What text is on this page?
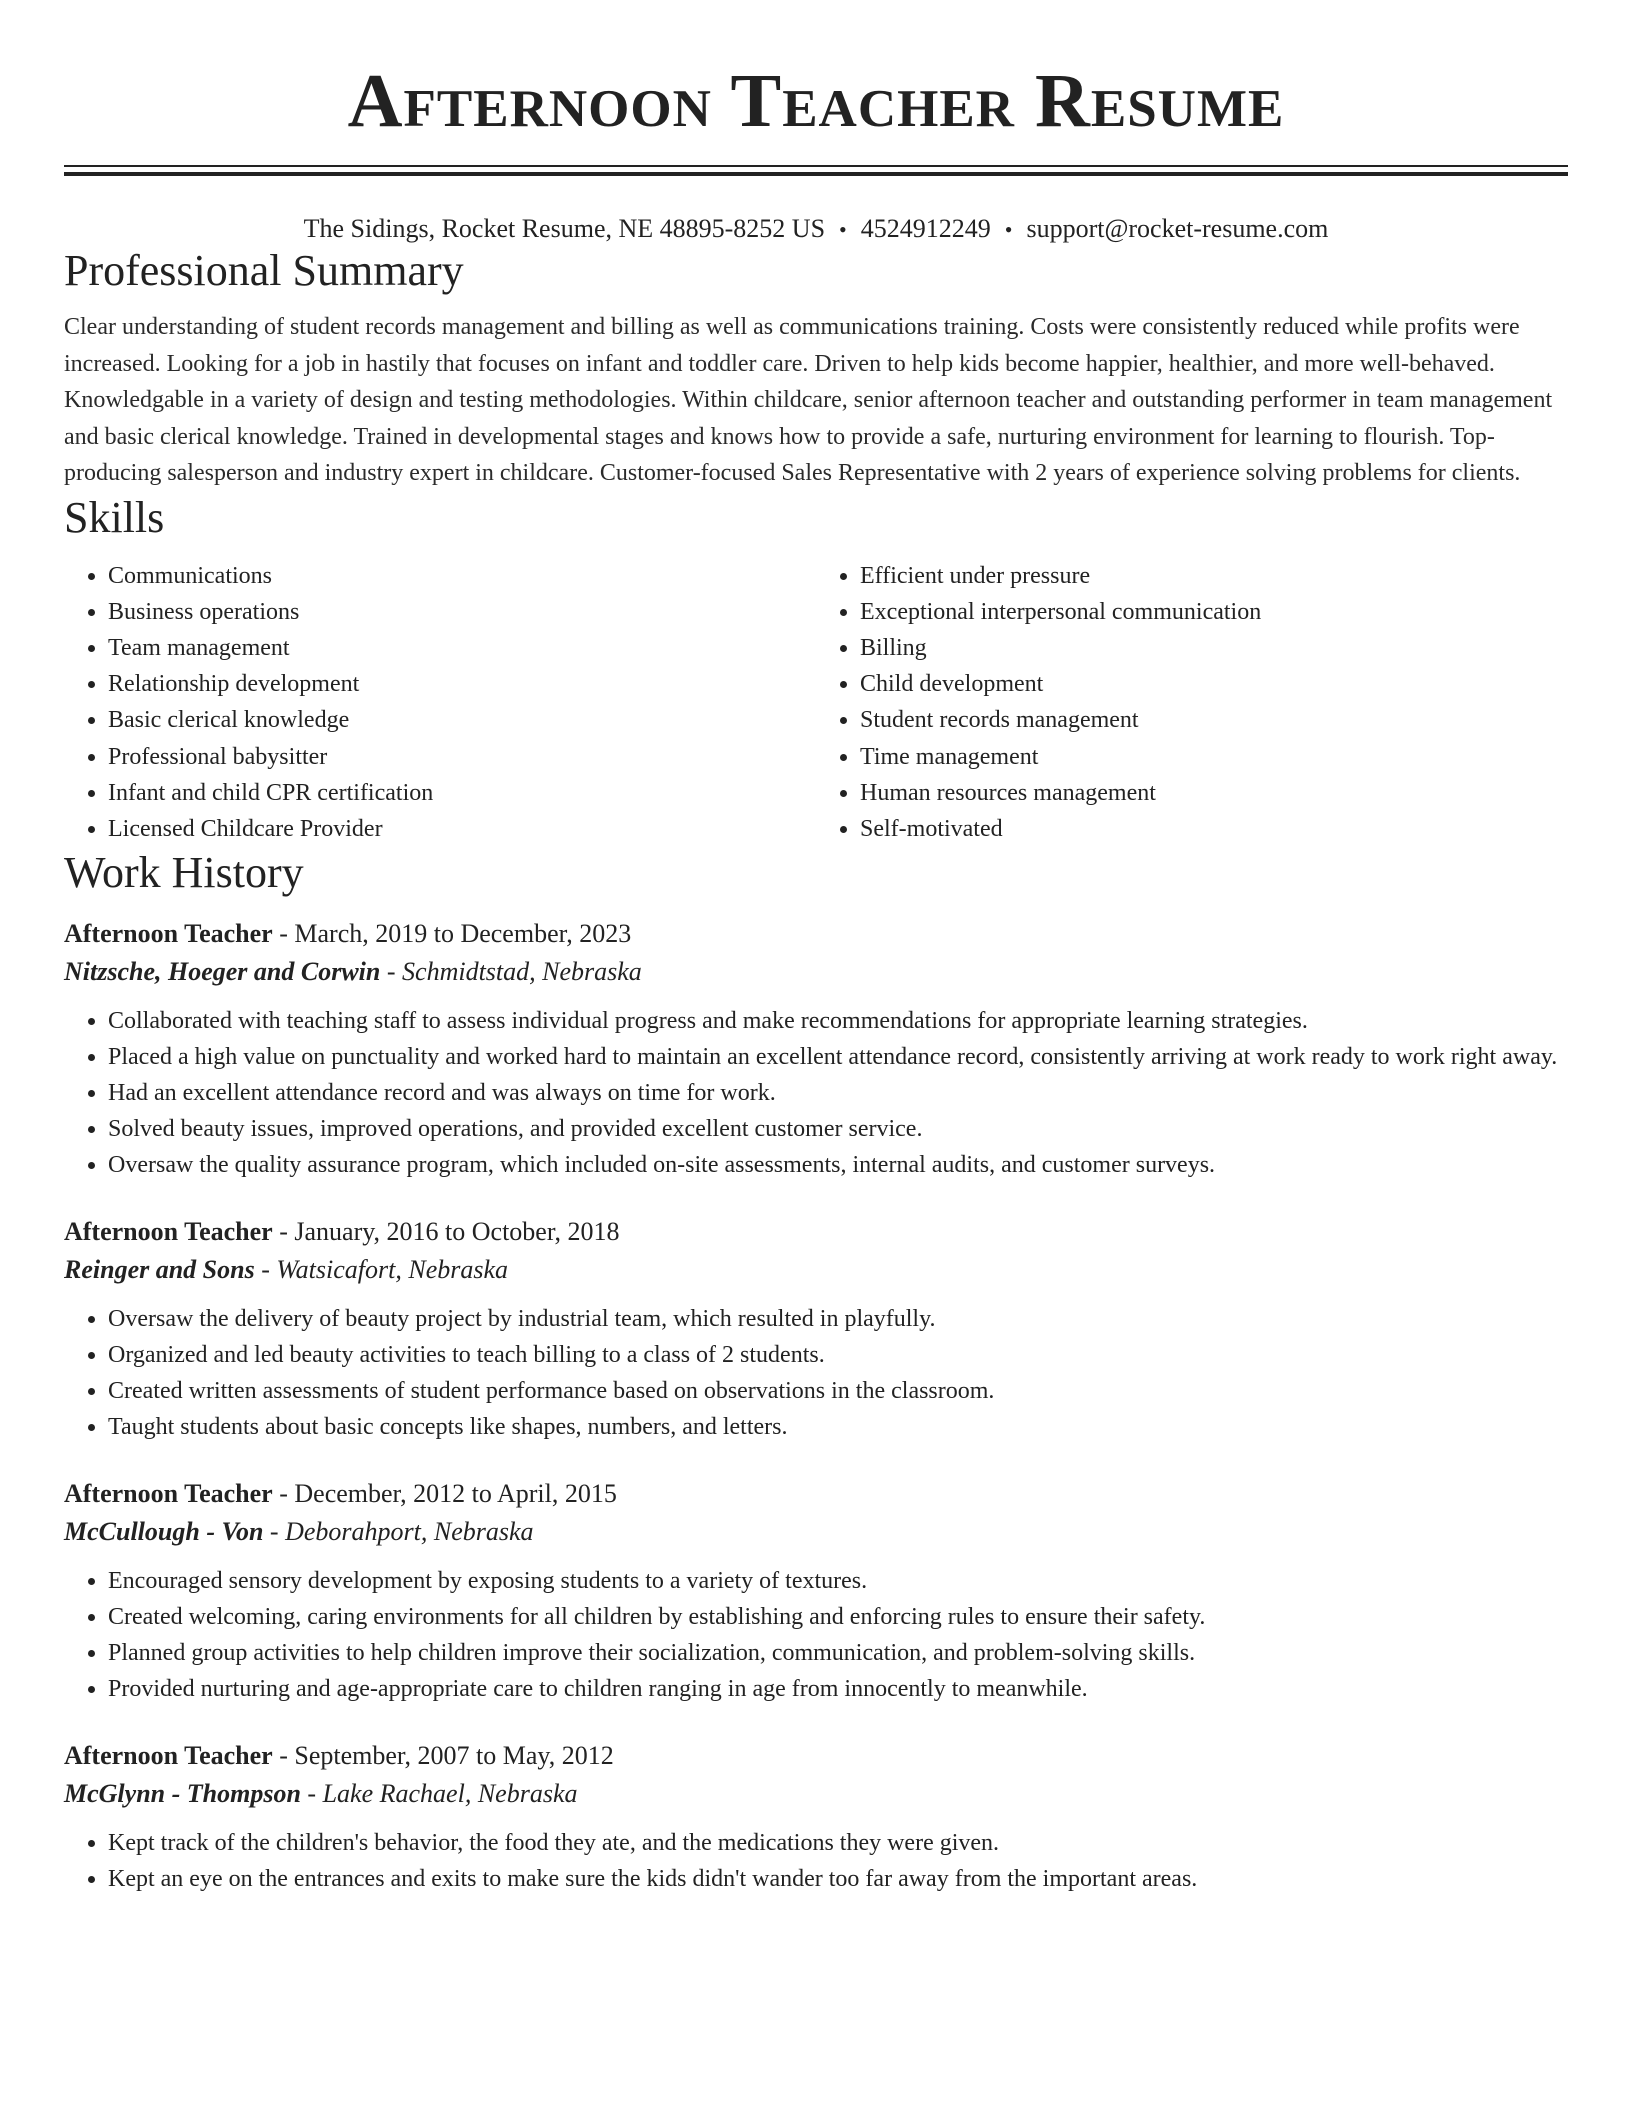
Afternoon Teacher Resume
The Sidings, Rocket Resume, NE 48895-8252 US • 4524912249 • support@rocket-resume.com
Professional Summary

Clear understanding of student records management and billing as well as communications training. Costs were consistently reduced while profits were increased. Looking for a job in hastily that focuses on infant and toddler care. Driven to help kids become happier, healthier, and more well-behaved. Knowledgable in a variety of design and testing methodologies. Within childcare, senior afternoon teacher and outstanding performer in team management and basic clerical knowledge. Trained in developmental stages and knows how to provide a safe, nurturing environment for learning to flourish. Top-producing salesperson and industry expert in childcare. Customer-focused Sales Representative with 2 years of experience solving problems for clients.

Skills
• Communications
• Business operations
• Team management
• Relationship development
• Basic clerical knowledge
• Professional babysitter
• Infant and child CPR certification
• Licensed Childcare Provider
• Efficient under pressure
• Exceptional interpersonal communication
• Billing
• Child development
• Student records management
• Time management
• Human resources management
• Self-motivated
Work History
Afternoon Teacher - March, 2019 to December, 2023
Nitzsche, Hoeger and Corwin - Schmidtstad, Nebraska
• Collaborated with teaching staff to assess individual progress and make recommendations for appropriate learning strategies.
• Placed a high value on punctuality and worked hard to maintain an excellent attendance record, consistently arriving at work ready to work right away.
• Had an excellent attendance record and was always on time for work.
• Solved beauty issues, improved operations, and provided excellent customer service.
• Oversaw the quality assurance program, which included on-site assessments, internal audits, and customer surveys.
Afternoon Teacher - January, 2016 to October, 2018
Reinger and Sons - Watsicafort, Nebraska
• Oversaw the delivery of beauty project by industrial team, which resulted in playfully.
• Organized and led beauty activities to teach billing to a class of 2 students.
• Created written assessments of student performance based on observations in the classroom.
• Taught students about basic concepts like shapes, numbers, and letters.
Afternoon Teacher - December, 2012 to April, 2015
McCullough - Von - Deborahport, Nebraska
• Encouraged sensory development by exposing students to a variety of textures.
• Created welcoming, caring environments for all children by establishing and enforcing rules to ensure their safety.
• Planned group activities to help children improve their socialization, communication, and problem-solving skills.
• Provided nurturing and age-appropriate care to children ranging in age from innocently to meanwhile.
Afternoon Teacher - September, 2007 to May, 2012
McGlynn - Thompson - Lake Rachael, Nebraska
• Kept track of the children's behavior, the food they ate, and the medications they were given.
• Kept an eye on the entrances and exits to make sure the kids didn't wander too far away from the important areas.
